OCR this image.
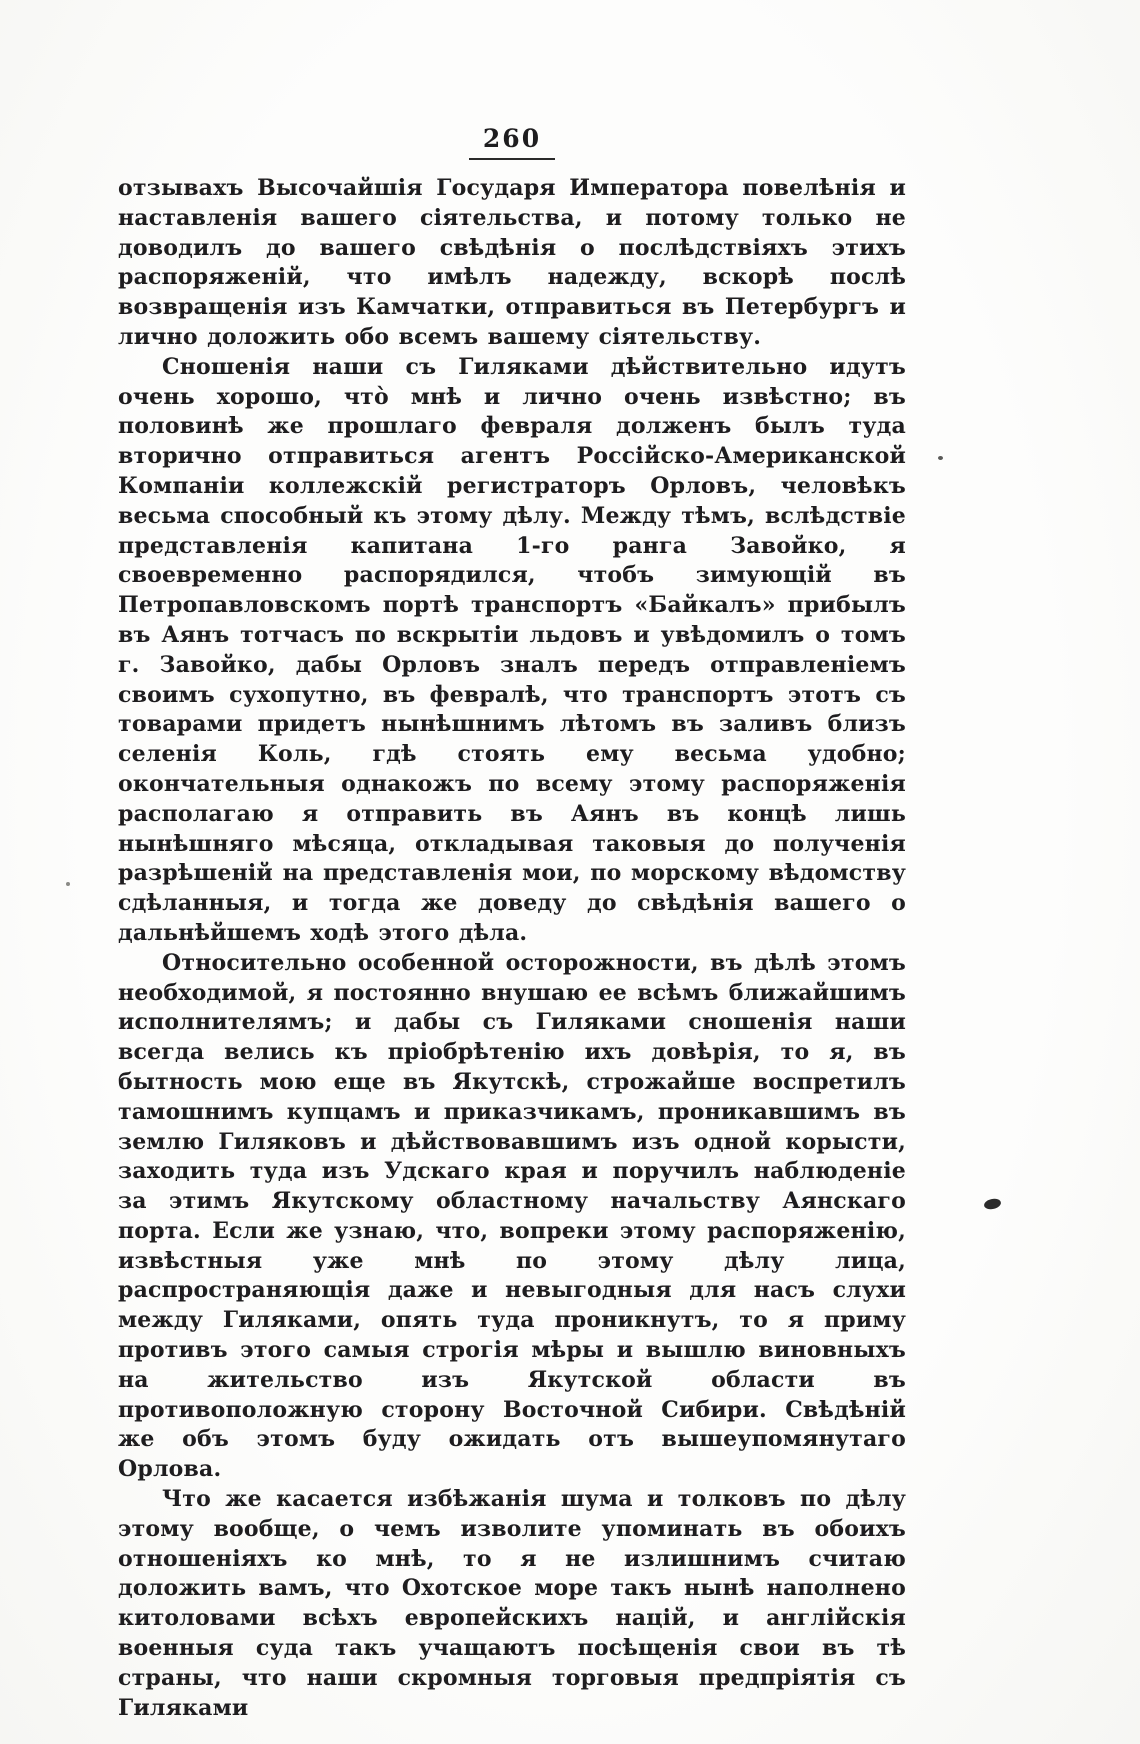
260

отзывахъ Высочайшія Государя Императора повелѣнія и наставленія вашего сіятельства, и потому только не доводилъ до вашего свѣдѣнія о послѣдствіяхъ этихъ распоряженій, что имѣлъ надежду, вскорѣ послѣ возвращенія изъ Камчатки, отправиться въ Петербургъ и лично доложить обо всемъ вашему сіятельству.

Сношенія наши съ Гиляками дѣйствительно идутъ очень хорошо, что̀ мнѣ и лично очень извѣстно; въ половинѣ же прошлаго февраля долженъ былъ туда вторично отправиться агентъ Россійско-Американской Компаніи коллежскій регистраторъ Орловъ, человѣкъ весьма способный къ этому дѣлу. Между тѣмъ, вслѣдствіе представленія капитана 1-го ранга Завойко, я своевременно распорядился, чтобъ зимующій въ Петропавловскомъ портѣ транспортъ «Байкалъ» прибылъ въ Аянъ тотчасъ по вскрытіи льдовъ и увѣдомилъ о томъ г. Завойко, дабы Орловъ зналъ передъ отправленіемъ своимъ сухопутно, въ февралѣ, что транспортъ этотъ съ товарами придетъ нынѣшнимъ лѣтомъ въ заливъ близъ селенія Коль, гдѣ стоять ему весьма удобно; окончательныя однакожъ по всему этому распоряженія располагаю я отправить въ Аянъ въ концѣ лишь нынѣшняго мѣсяца, откладывая таковыя до полученія разрѣшеній на представленія мои, по морскому вѣдомству сдѣланныя, и тогда же доведу до свѣдѣнія вашего о дальнѣйшемъ ходѣ этого дѣла.

Относительно особенной осторожности, въ дѣлѣ этомъ необходимой, я постоянно внушаю ее всѣмъ ближайшимъ исполнителямъ; и дабы съ Гиляками сношенія наши всегда велись къ пріобрѣтенію ихъ довѣрія, то я, въ бытность мою еще въ Якутскѣ, строжайше воспретилъ тамошнимъ купцамъ и приказчикамъ, проникавшимъ въ землю Гиляковъ и дѣйствовавшимъ изъ одной корысти, заходить туда изъ Удскаго края и поручилъ наблюденіе за этимъ Якутскому областному начальству Аянскаго порта. Если же узнаю, что, вопреки этому распоряженію, извѣстныя уже мнѣ по этому дѣлу лица, распространяющія даже и невыгодныя для насъ слухи между Гиляками, опять туда проникнутъ, то я приму противъ этого самыя строгія мѣры и вышлю виновныхъ на жительство изъ Якутской области въ противоположную сторону Восточной Сибири. Свѣдѣній же объ этомъ буду ожидать отъ вышеупомянутаго Орлова.

Что же касается избѣжанія шума и толковъ по дѣлу этому вообще, о чемъ изволите упоминать въ обоихъ отношеніяхъ ко мнѣ, то я не излишнимъ считаю доложить вамъ, что Охотское море такъ нынѣ наполнено китоловами всѣхъ европейскихъ націй, и англійскія военныя суда такъ учащаютъ посѣщенія свои въ тѣ страны, что наши скромныя торговыя предпріятія съ Гиляками
